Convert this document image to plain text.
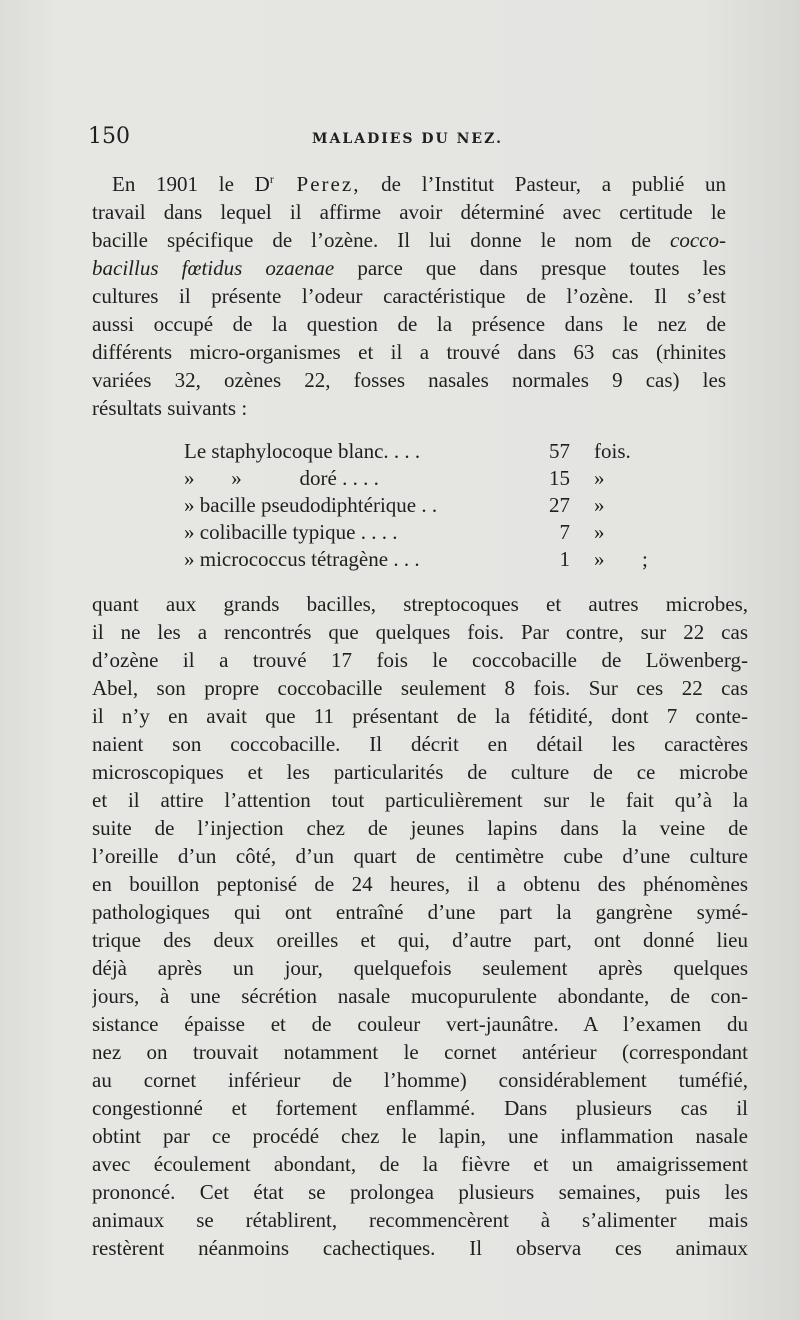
150	MALADIES DU NEZ.
En 1901 le $D^r$ Perez, de l’Institut Pasteur, a publié un
travail dans lequel il affirme avoir déterminé avec certitude le
bacille spécifique de l’ozène. Il lui donne le nom de cocco-
bacillus fœtidus ozaenae parce que dans presque toutes les
cultures il présente l’odeur caractéristique de l’ozène. Il s’est
aussi occupé de la question de la présence dans le nez de
différents micro-organismes et il a trouvé dans 63 cas (rhinites
variées 32, ozènes 22, fosses nasales normales 9 cas) les
résultats suivants :
Le staphylocoque blanc. . . .	57 fois.
»       »           doré . . . .	15 »
» bacille pseudodiphtérique . .	27 »
» colibacille typique . . . .	7 »
» micrococcus tétragène . . .	1 » ;
quant aux grands bacilles, streptocoques et autres microbes,
il ne les a rencontrés que quelques fois. Par contre, sur 22 cas
d’ozène il a trouvé 17 fois le coccobacille de Löwenberg-
Abel, son propre coccobacille seulement 8 fois. Sur ces 22 cas
il n’y en avait que 11 présentant de la fétidité, dont 7 conte-
naient son coccobacille. Il décrit en détail les caractères
microscopiques et les particularités de culture de ce microbe
et il attire l’attention tout particulièrement sur le fait qu’à la
suite de l’injection chez de jeunes lapins dans la veine de
l’oreille d’un côté, d’un quart de centimètre cube d’une culture
en bouillon peptonisé de 24 heures, il a obtenu des phénomènes
pathologiques qui ont entraîné d’une part la gangrène symé-
trique des deux oreilles et qui, d’autre part, ont donné lieu
déjà après un jour, quelquefois seulement après quelques
jours, à une sécrétion nasale mucopurulente abondante, de con-
sistance épaisse et de couleur vert-jaunâtre. A l’examen du
nez on trouvait notamment le cornet antérieur (correspondant
au cornet inférieur de l’homme) considérablement tuméfié,
congestionné et fortement enflammé. Dans plusieurs cas il
obtint par ce procédé chez le lapin, une inflammation nasale
avec écoulement abondant, de la fièvre et un amaigrissement
prononcé. Cet état se prolongea plusieurs semaines, puis les
animaux se rétablirent, recommencèrent à s’alimenter mais
restèrent néanmoins cachectiques. Il observa ces animaux
